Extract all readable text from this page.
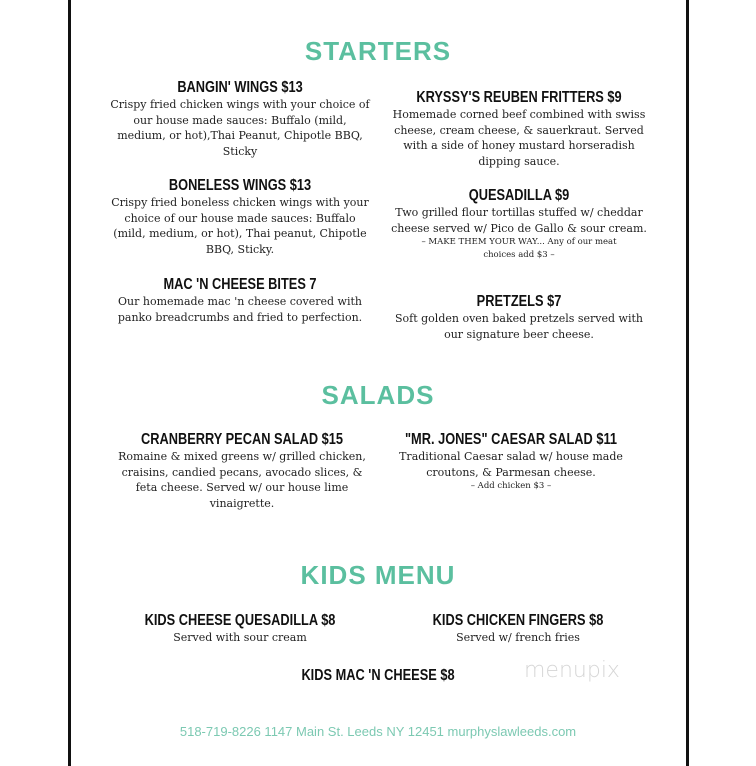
STARTERS
BANGIN' WINGS $13
Crispy fried chicken wings with your choice of our house made sauces: Buffalo (mild, medium, or hot),Thai Peanut, Chipotle BBQ, Sticky
BONELESS WINGS $13
Crispy fried boneless chicken wings with your choice of our house made sauces: Buffalo (mild, medium, or hot), Thai peanut, Chipotle BBQ, Sticky.
MAC 'N CHEESE BITES 7
Our homemade mac 'n cheese covered with panko breadcrumbs and fried to perfection.
KRYSSY'S REUBEN FRITTERS $9
Homemade corned beef combined with swiss cheese, cream cheese, & sauerkraut. Served with a side of honey mustard horseradish dipping sauce.
QUESADILLA $9
Two grilled flour tortillas stuffed w/ cheddar cheese served w/ Pico de Gallo & sour cream.
– MAKE THEM YOUR WAY... Any of our meat choices add $3 –
PRETZELS $7
Soft golden oven baked pretzels served with our signature beer cheese.
SALADS
CRANBERRY PECAN SALAD $15
Romaine & mixed greens w/ grilled chicken, craisins, candied pecans, avocado slices, & feta cheese. Served w/ our house lime vinaigrette.
"MR. JONES" CAESAR SALAD $11
Traditional Caesar salad w/ house made croutons, & Parmesan cheese.
– Add chicken $3 –
KIDS MENU
KIDS CHEESE QUESADILLA $8
Served with sour cream
KIDS CHICKEN FINGERS $8
Served w/ french fries
KIDS MAC 'N CHEESE $8	menupix
518-719-8226 1147 Main St. Leeds NY 12451 murphyslawleeds.com
